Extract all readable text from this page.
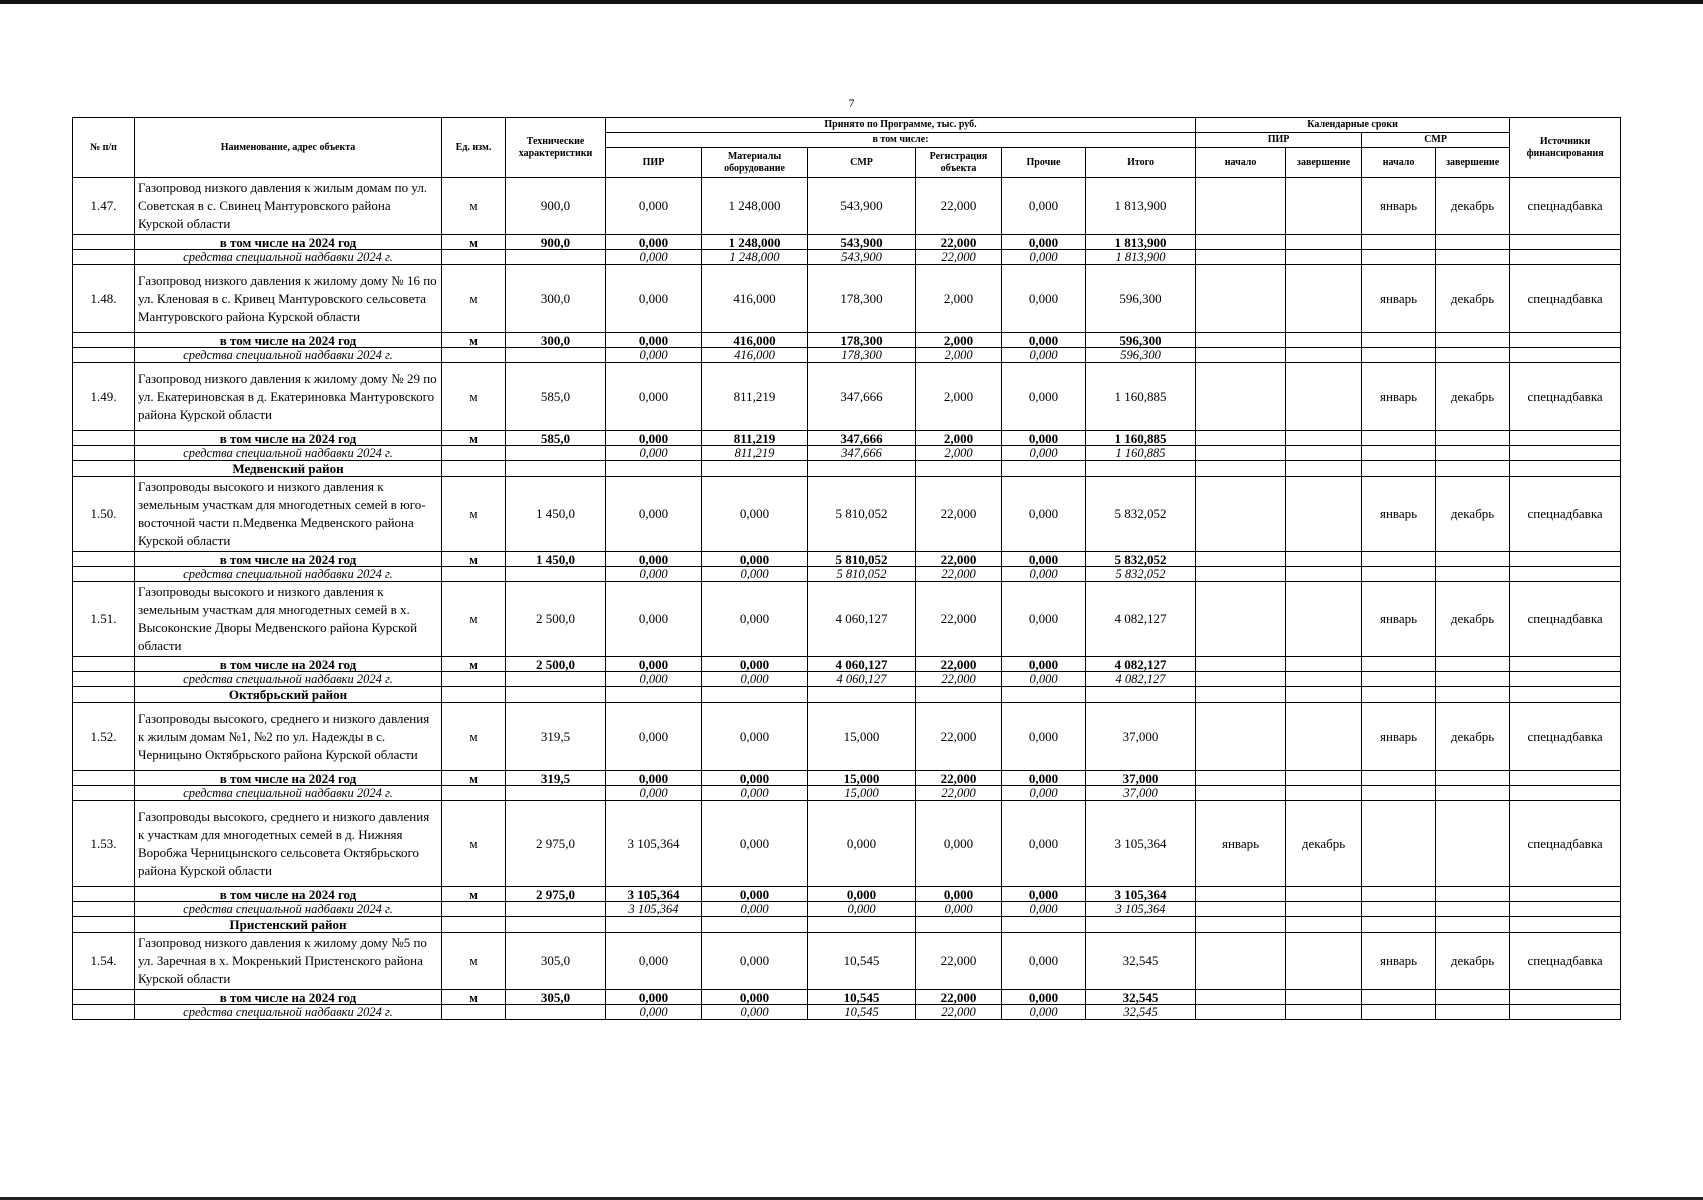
7
№ п/п	Наименование, адрес объекта	Ед. изм.	Технические характеристики	Принято по Программе, тыс. руб.						Календарные сроки				Источники финансирования
				в том числе:						ПИР		СМР		
				ПИР	Материалы оборудование	СМР	Регистрация объекта	Прочие	Итого	начало	завершение	начало	завершение	
1.47.	Газопровод низкого давления к жилым домам по ул. Советская в с. Свинец Мантуровского района Курской области	м	900,0	0,000	1 248,000	543,900	22,000	0,000	1 813,900			январь	декабрь	спецнадбавка
	в том числе на 2024 год	м	900,0	0,000	1 248,000	543,900	22,000	0,000	1 813,900					
	средства специальной надбавки 2024 г.			0,000	1 248,000	543,900	22,000	0,000	1 813,900					
1.48.	Газопровод низкого давления к жилому дому № 16 по ул. Кленовая в с. Кривец Мантуровского сельсовета Мантуровского района Курской области	м	300,0	0,000	416,000	178,300	2,000	0,000	596,300			январь	декабрь	спецнадбавка
	в том числе на 2024 год	м	300,0	0,000	416,000	178,300	2,000	0,000	596,300					
	средства специальной надбавки 2024 г.			0,000	416,000	178,300	2,000	0,000	596,300					
1.49.	Газопровод низкого давления к жилому дому № 29 по ул. Екатериновская в д. Екатериновка Мантуровского района Курской области	м	585,0	0,000	811,219	347,666	2,000	0,000	1 160,885			январь	декабрь	спецнадбавка
	в том числе на 2024 год	м	585,0	0,000	811,219	347,666	2,000	0,000	1 160,885					
	средства специальной надбавки 2024 г.			0,000	811,219	347,666	2,000	0,000	1 160,885					
	Медвенский район													
1.50.	Газопроводы высокого и низкого давления к земельным участкам для многодетных семей в юго-восточной части п.Медвенка Медвенского района Курской области	м	1 450,0	0,000	0,000	5 810,052	22,000	0,000	5 832,052			январь	декабрь	спецнадбавка
	в том числе на 2024 год	м	1 450,0	0,000	0,000	5 810,052	22,000	0,000	5 832,052					
	средства специальной надбавки 2024 г.			0,000	0,000	5 810,052	22,000	0,000	5 832,052					
1.51.	Газопроводы высокого и низкого давления к земельным участкам для многодетных семей в х. Высоконские Дворы Медвенского района Курской области	м	2 500,0	0,000	0,000	4 060,127	22,000	0,000	4 082,127			январь	декабрь	спецнадбавка
	в том числе на 2024 год	м	2 500,0	0,000	0,000	4 060,127	22,000	0,000	4 082,127					
	средства специальной надбавки 2024 г.			0,000	0,000	4 060,127	22,000	0,000	4 082,127					
	Октябрьский район													
1.52.	Газопроводы высокого, среднего и низкого давления к жилым домам №1, №2 по ул. Надежды в с. Черницыно Октябрьского района Курской области	м	319,5	0,000	0,000	15,000	22,000	0,000	37,000			январь	декабрь	спецнадбавка
	в том числе на 2024 год	м	319,5	0,000	0,000	15,000	22,000	0,000	37,000					
	средства специальной надбавки 2024 г.			0,000	0,000	15,000	22,000	0,000	37,000					
1.53.	Газопроводы высокого, среднего и низкого давления к участкам для многодетных семей в д. Нижняя Воробжа Черницынского сельсовета Октябрьского района Курской области	м	2 975,0	3 105,364	0,000	0,000	0,000	0,000	3 105,364	январь	декабрь			спецнадбавка
	в том числе на 2024 год	м	2 975,0	3 105,364	0,000	0,000	0,000	0,000	3 105,364					
	средства специальной надбавки 2024 г.			3 105,364	0,000	0,000	0,000	0,000	3 105,364					
	Пристенский район													
1.54.	Газопровод низкого давления к жилому дому №5 по ул. Заречная в х. Мокренький Пристенского района Курской области	м	305,0	0,000	0,000	10,545	22,000	0,000	32,545			январь	декабрь	спецнадбавка
	в том числе на 2024 год	м	305,0	0,000	0,000	10,545	22,000	0,000	32,545					
	средства специальной надбавки 2024 г.			0,000	0,000	10,545	22,000	0,000	32,545					
